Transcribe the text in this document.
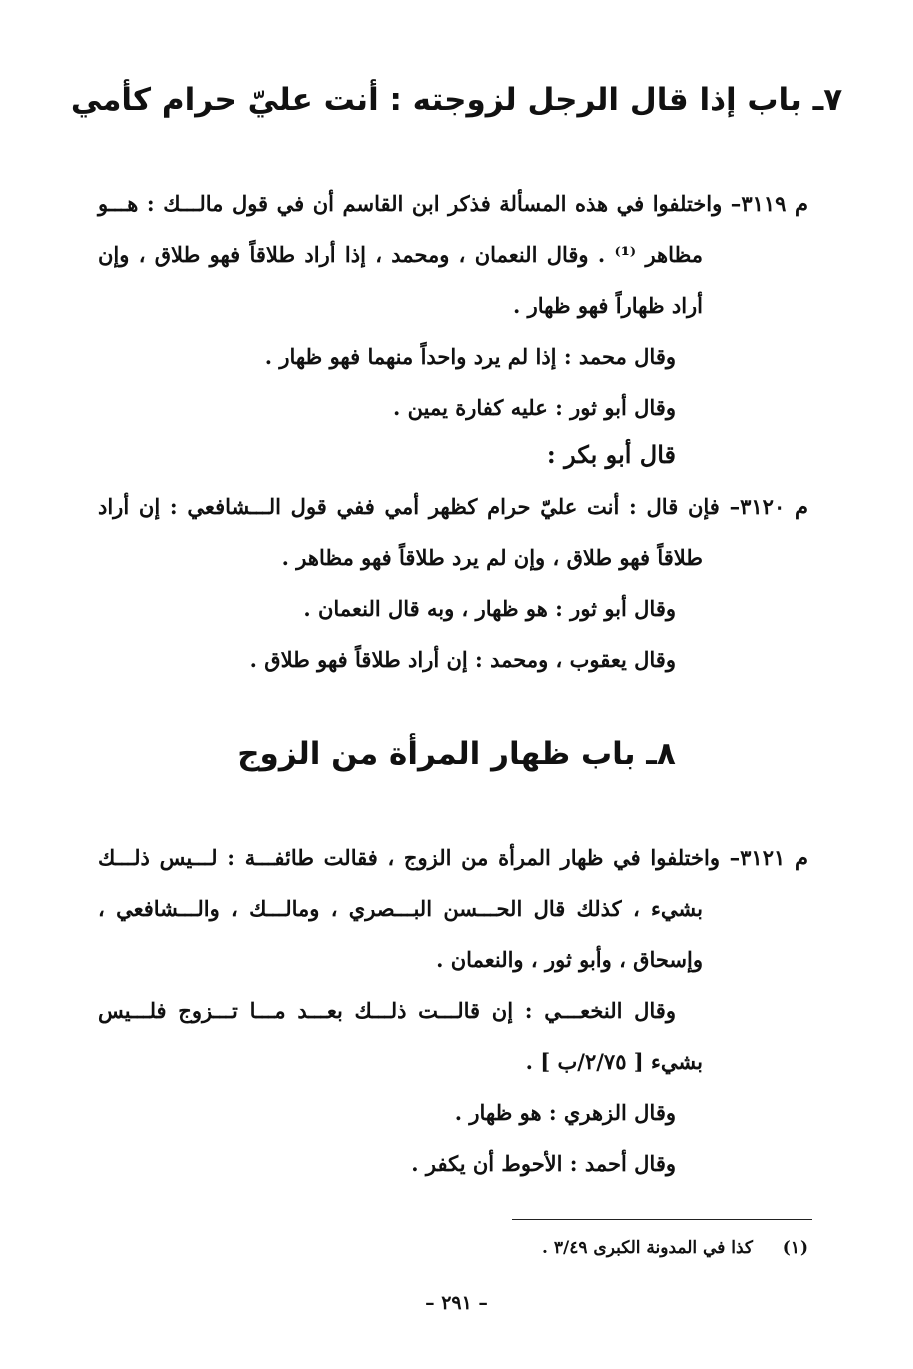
٧ـ باب إذا قال الرجل لزوجته : أنت عليّ حرام كأمي
م ٣١١٩– واختلفوا في هذه المسألة فذكر ابن القاسم أن في قول مالـــك : هـــو
مظاهر ⁽¹⁾ . وقال النعمان ، ومحمد ، إذا أراد طلاقاً فهو طلاق ، وإن
أراد ظهاراً فهو ظهار .
وقال محمد : إذا لم يرد واحداً منهما فهو ظهار .
وقال أبو ثور : عليه كفارة يمين .
قال أبو بكر :
م ٣١٢٠– فإن قال : أنت عليّ حرام كظهر أمي ففي قول الـــشافعي : إن أراد
طلاقاً فهو طلاق ، وإن لم يرد طلاقاً فهو مظاهر .
وقال أبو ثور : هو ظهار ، وبه قال النعمان .
وقال يعقوب ، ومحمد : إن أراد طلاقاً فهو طلاق .
٨ـ باب ظهار المرأة من الزوج
م ٣١٢١– واختلفوا في ظهار المرأة من الزوج ، فقالت طائفـــة : لـــيس ذلـــك
بشيء ، كذلك قال الحـــسن البـــصري ، ومالـــك ، والـــشافعي ،
وإسحاق ، وأبو ثور ، والنعمان .
وقال النخعـــي : إن قالـــت ذلـــك بعـــد مـــا تـــزوج فلـــيس
بشيء [ ٢/٧٥/ب ] .
وقال الزهري : هو ظهار .
وقال أحمد : الأحوط أن يكفر .
(١)
كذا في المدونة الكبرى ٣/٤٩ .
– ٢٩١ –
